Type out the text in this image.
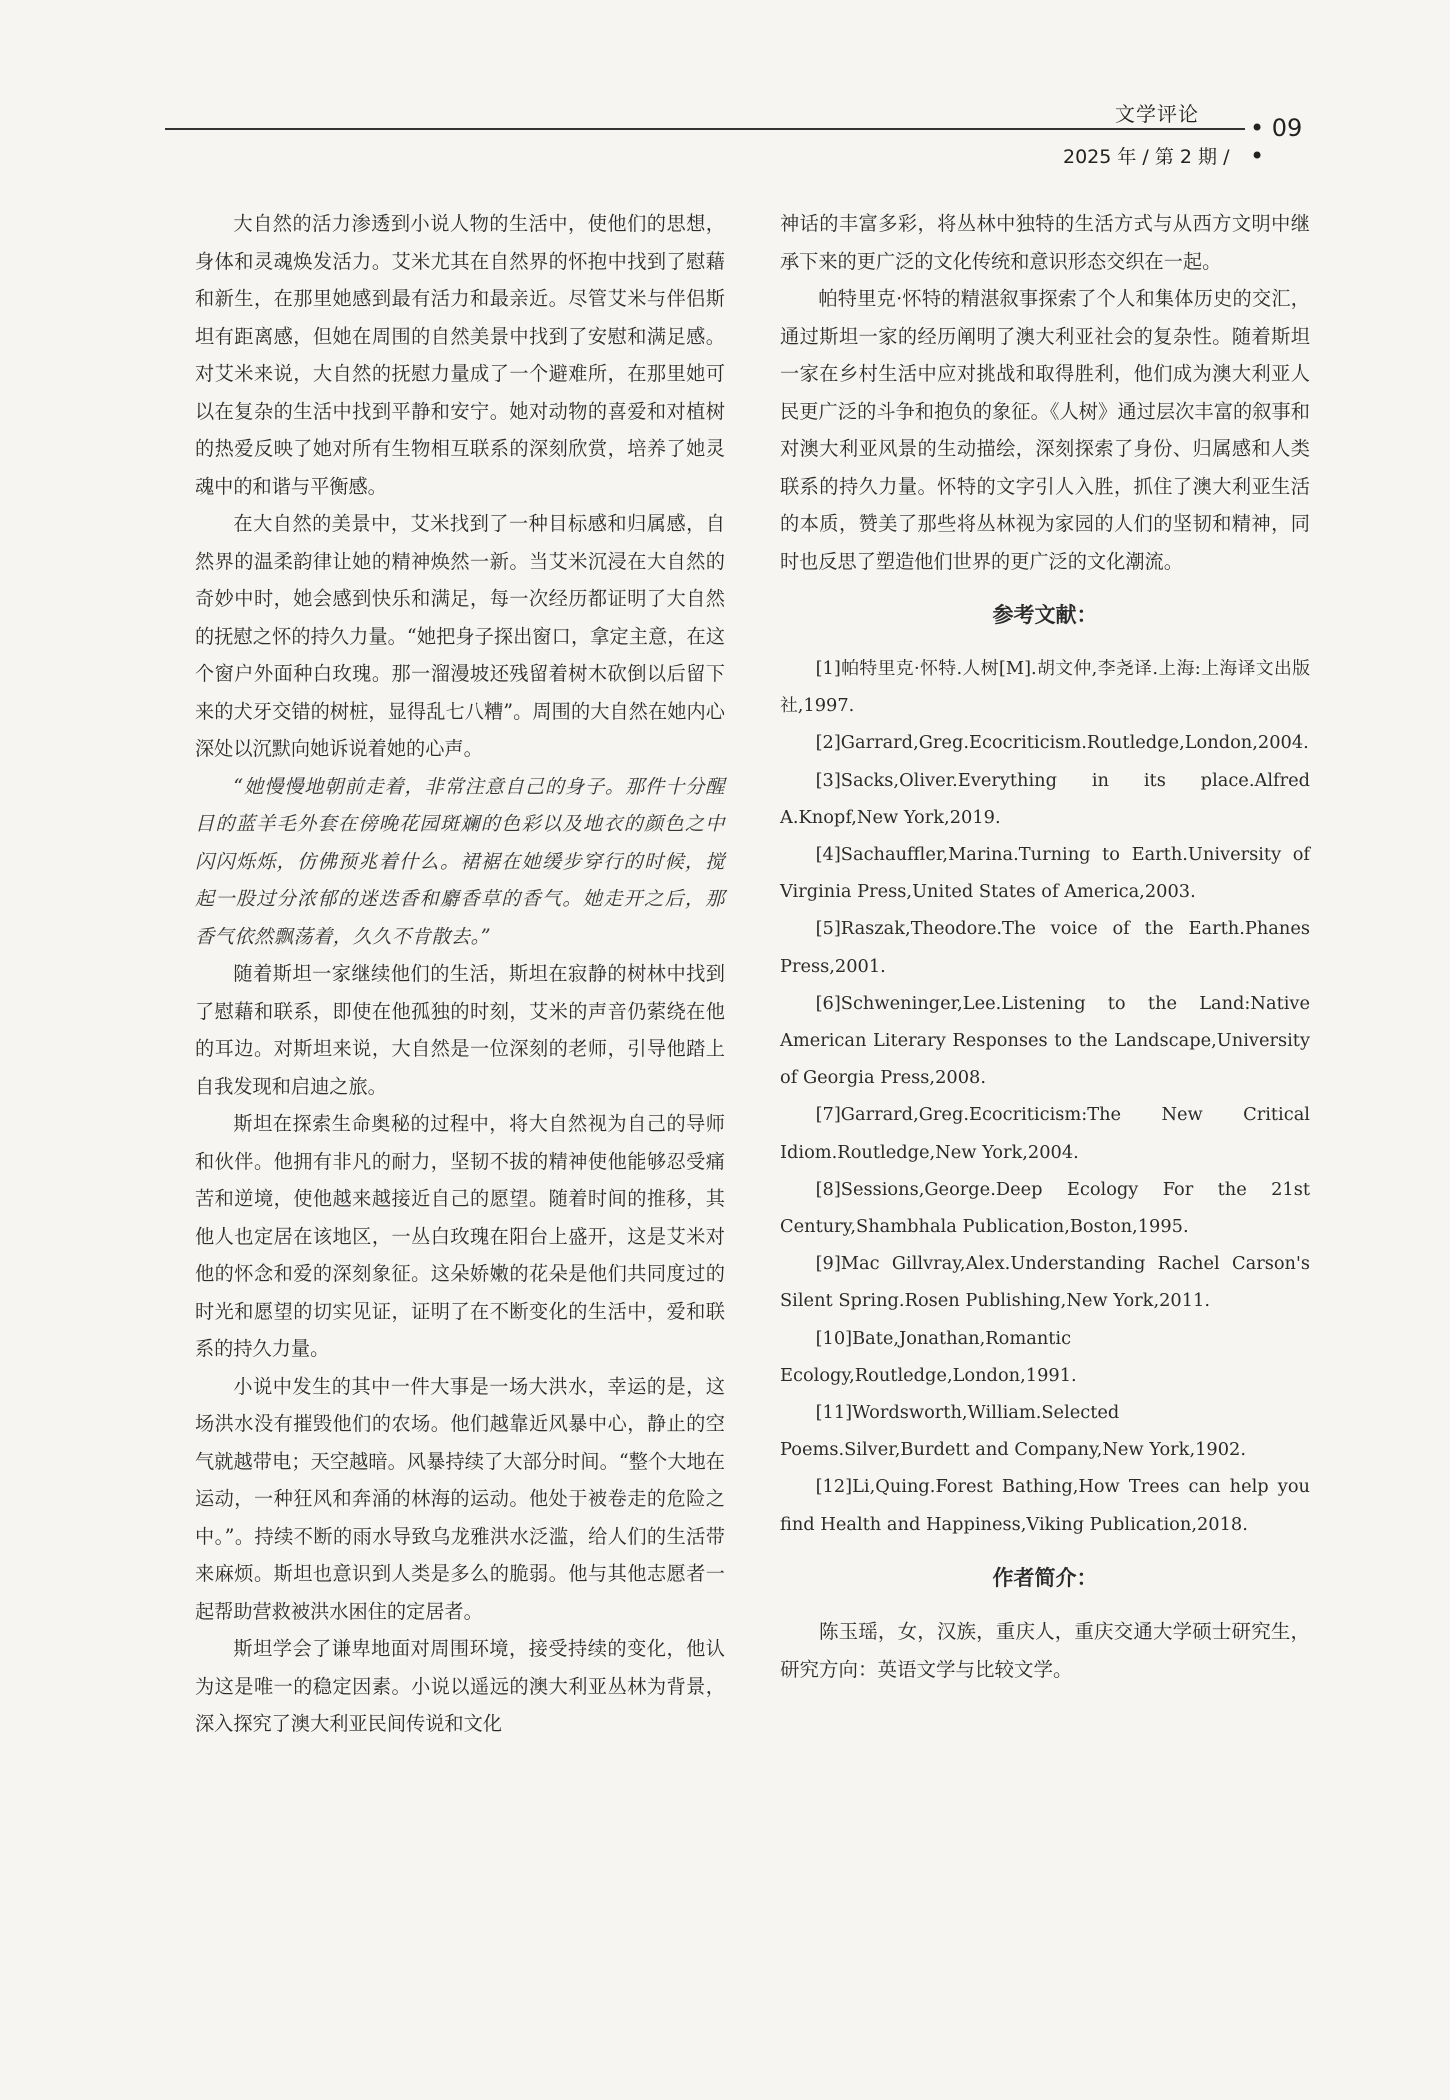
文学评论	• 09 •
2025 年 / 第 2 期 /

大自然的活力渗透到小说人物的生活中，使他们的思想，身体和灵魂焕发活力。艾米尤其在自然界的怀抱中找到了慰藉和新生，在那里她感到最有活力和最亲近。尽管艾米与伴侣斯坦有距离感，但她在周围的自然美景中找到了安慰和满足感。对艾米来说，大自然的抚慰力量成了一个避难所，在那里她可以在复杂的生活中找到平静和安宁。她对动物的喜爱和对植树的热爱反映了她对所有生物相互联系的深刻欣赏，培养了她灵魂中的和谐与平衡感。

在大自然的美景中，艾米找到了一种目标感和归属感，自然界的温柔韵律让她的精神焕然一新。当艾米沉浸在大自然的奇妙中时，她会感到快乐和满足，每一次经历都证明了大自然的抚慰之怀的持久力量。“她把身子探出窗口，拿定主意，在这个窗户外面种白玫瑰。那一溜漫坡还残留着树木砍倒以后留下来的犬牙交错的树桩，显得乱七八糟”。周围的大自然在她内心深处以沉默向她诉说着她的心声。

“她慢慢地朝前走着，非常注意自己的身子。那件十分醒目的蓝羊毛外套在傍晚花园斑斓的色彩以及地衣的颜色之中闪闪烁烁，仿佛预兆着什么。裙裾在她缓步穿行的时候，搅起一股过分浓郁的迷迭香和麝香草的香气。她走开之后，那香气依然飘荡着，久久不肯散去。”

随着斯坦一家继续他们的生活，斯坦在寂静的树林中找到了慰藉和联系，即使在他孤独的时刻，艾米的声音仍萦绕在他的耳边。对斯坦来说，大自然是一位深刻的老师，引导他踏上自我发现和启迪之旅。

斯坦在探索生命奥秘的过程中，将大自然视为自己的导师和伙伴。他拥有非凡的耐力，坚韧不拔的精神使他能够忍受痛苦和逆境，使他越来越接近自己的愿望。随着时间的推移，其他人也定居在该地区，一丛白玫瑰在阳台上盛开，这是艾米对他的怀念和爱的深刻象征。这朵娇嫩的花朵是他们共同度过的时光和愿望的切实见证，证明了在不断变化的生活中，爱和联系的持久力量。

小说中发生的其中一件大事是一场大洪水，幸运的是，这场洪水没有摧毁他们的农场。他们越靠近风暴中心，静止的空气就越带电；天空越暗。风暴持续了大部分时间。“整个大地在运动，一种狂风和奔涌的林海的运动。他处于被卷走的危险之中。”。持续不断的雨水导致乌龙雅洪水泛滥，给人们的生活带来麻烦。斯坦也意识到人类是多么的脆弱。他与其他志愿者一起帮助营救被洪水困住的定居者。

斯坦学会了谦卑地面对周围环境，接受持续的变化，他认为这是唯一的稳定因素。小说以遥远的澳大利亚丛林为背景，深入探究了澳大利亚民间传说和文化

神话的丰富多彩，将丛林中独特的生活方式与从西方文明中继承下来的更广泛的文化传统和意识形态交织在一起。

帕特里克·怀特的精湛叙事探索了个人和集体历史的交汇，通过斯坦一家的经历阐明了澳大利亚社会的复杂性。随着斯坦一家在乡村生活中应对挑战和取得胜利，他们成为澳大利亚人民更广泛的斗争和抱负的象征。《人树》通过层次丰富的叙事和对澳大利亚风景的生动描绘，深刻探索了身份、归属感和人类联系的持久力量。怀特的文字引人入胜，抓住了澳大利亚生活的本质，赞美了那些将丛林视为家园的人们的坚韧和精神，同时也反思了塑造他们世界的更广泛的文化潮流。

参考文献：

[1]帕特里克·怀特.人树[M].胡文仲,李尧译.上海:上海译文出版社,1997.

[2]Garrard,Greg.Ecocriticism.Routledge,London,2004.

[3]Sacks,Oliver.Everything in its place.Alfred A.Knopf,New York,2019.

[4]Sachauffler,Marina.Turning to Earth.University of Virginia Press,United States of America,2003.

[5]Raszak,Theodore.The voice of the Earth.Phanes Press,2001.

[6]Schweninger,Lee.Listening to the Land:Native American Literary Responses to the Landscape,University of Georgia Press,2008.

[7]Garrard,Greg.Ecocriticism:The New Critical Idiom.Routledge,New York,2004.

[8]Sessions,George.Deep Ecology For the 21st Century,Shambhala Publication,Boston,1995.

[9]Mac Gillvray,Alex.Understanding Rachel Carson's Silent Spring.Rosen Publishing,New York,2011.

[10]Bate,Jonathan,Romantic Ecology,Routledge,London,1991.

[11]Wordsworth,William.Selected Poems.Silver,Burdett and Company,New York,1902.

[12]Li,Quing.Forest Bathing,How Trees can help you find Health and Happiness,Viking Publication,2018.

作者简介：

陈玉瑶，女，汉族，重庆人，重庆交通大学硕士研究生，研究方向：英语文学与比较文学。
